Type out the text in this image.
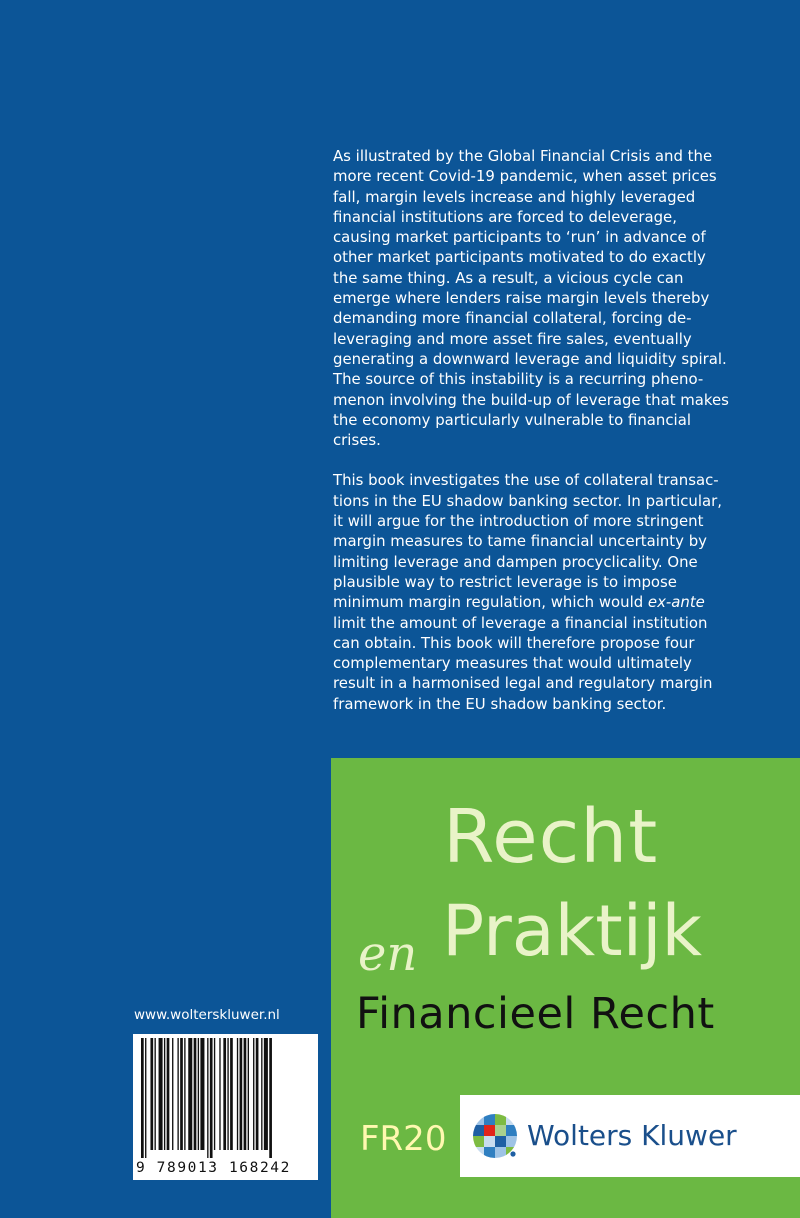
As illustrated by the Global Financial Crisis and the
more recent Covid-19 pandemic, when asset prices
fall, margin levels increase and highly leveraged
financial institutions are forced to deleverage,
causing market participants to ‘run’ in advance of
other market participants motivated to do exactly
the same thing. As a result, a vicious cycle can
emerge where lenders raise margin levels thereby
demanding more financial collateral, forcing de-
leveraging and more asset fire sales, eventually
generating a downward leverage and liquidity spiral.
The source of this instability is a recurring pheno-
menon involving the build-up of leverage that makes
the economy particularly vulnerable to financial
crises.

This book investigates the use of collateral transac-
tions in the EU shadow banking sector. In particular,
it will argue for the introduction of more stringent
margin measures to tame financial uncertainty by
limiting leverage and dampen procyclicality. One
plausible way to restrict leverage is to impose
minimum margin regulation, which would ex-ante
limit the amount of leverage a financial institution
can obtain. This book will therefore propose four
complementary measures that would ultimately
result in a harmonised legal and regulatory margin
framework in the EU shadow banking sector.

Recht
en Praktijk
Financieel Recht
FR20	Wolters Kluwer
www.wolterskluwer.nl
9 789013 168242
